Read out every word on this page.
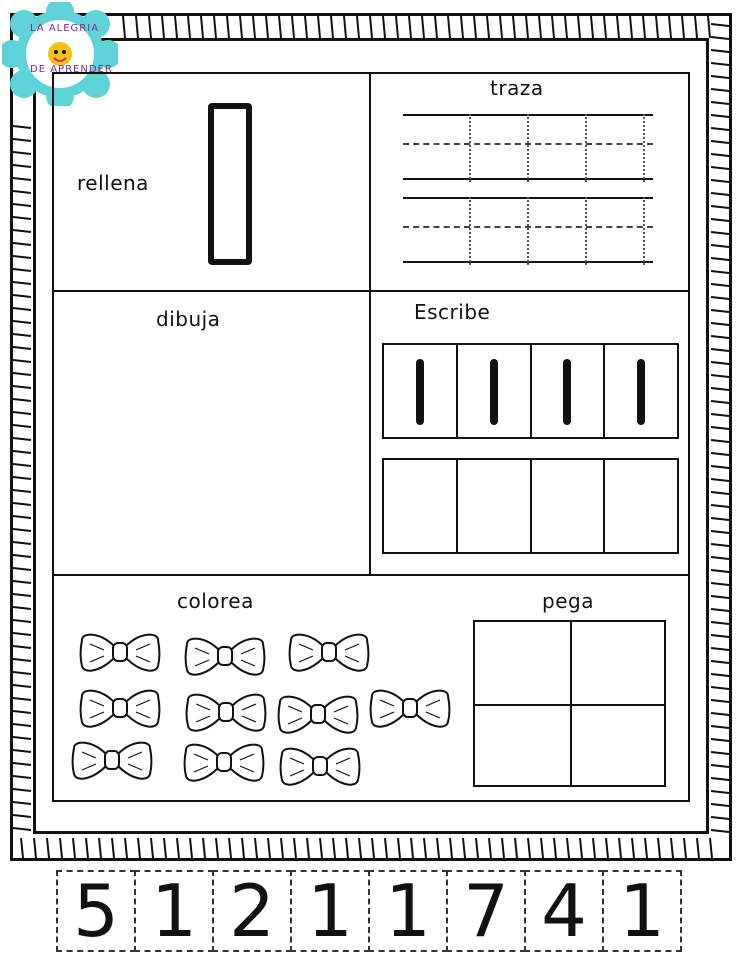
LA ALEGRIA
DE APRENDER
rellena
traza
dibuja	Escribe
colorea	pega
5 1 2 1 1 7 4 1
